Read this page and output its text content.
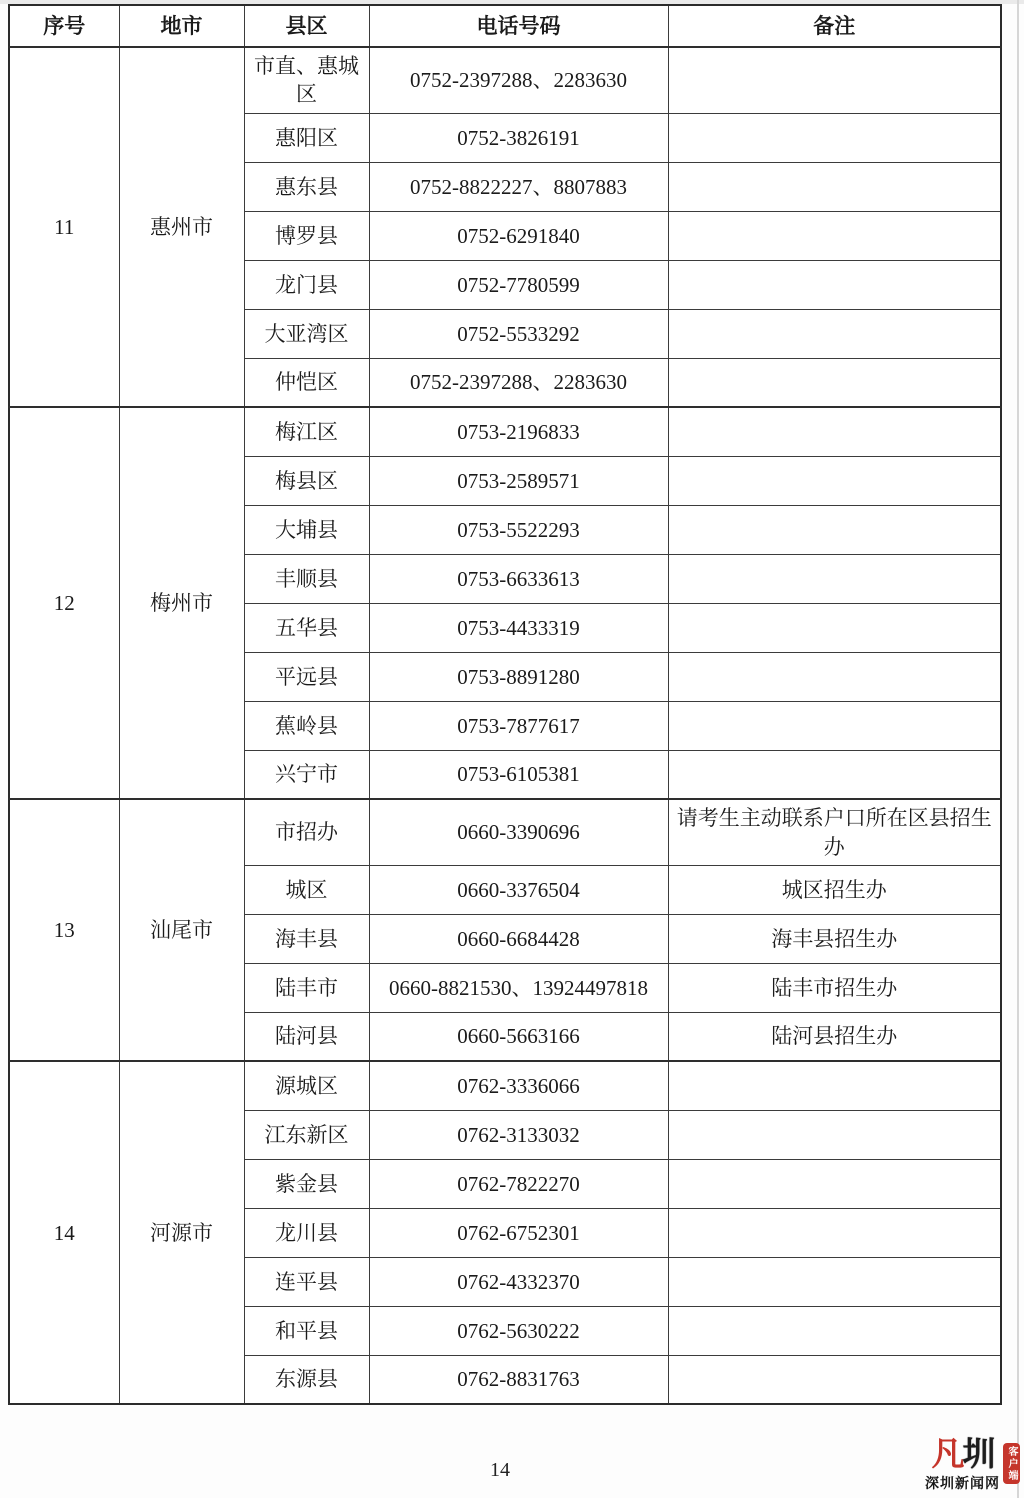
序号	地市	县区	电话号码	备注
11	惠州市	市直、惠城区	0752-2397288、2283630	
		惠阳区	0752-3826191	
		惠东县	0752-8822227、8807883	
		博罗县	0752-6291840	
		龙门县	0752-7780599	
		大亚湾区	0752-5533292	
		仲恺区	0752-2397288、2283630	
12	梅州市	梅江区	0753-2196833	
		梅县区	0753-2589571	
		大埔县	0753-5522293	
		丰顺县	0753-6633613	
		五华县	0753-4433319	
		平远县	0753-8891280	
		蕉岭县	0753-7877617	
		兴宁市	0753-6105381	
13	汕尾市	市招办	0660-3390696	请考生主动联系户口所在区县招生办
		城区	0660-3376504	城区招生办
		海丰县	0660-6684428	海丰县招生办
		陆丰市	0660-8821530、13924497818	陆丰市招生办
		陆河县	0660-5663166	陆河县招生办
14	河源市	源城区	0762-3336066	
		江东新区	0762-3133032	
		紫金县	0762-7822270	
		龙川县	0762-6752301	
		连平县	0762-4332370	
		和平县	0762-5630222	
		东源县	0762-8831763	
14	凡圳
深圳新闻网
客户端
